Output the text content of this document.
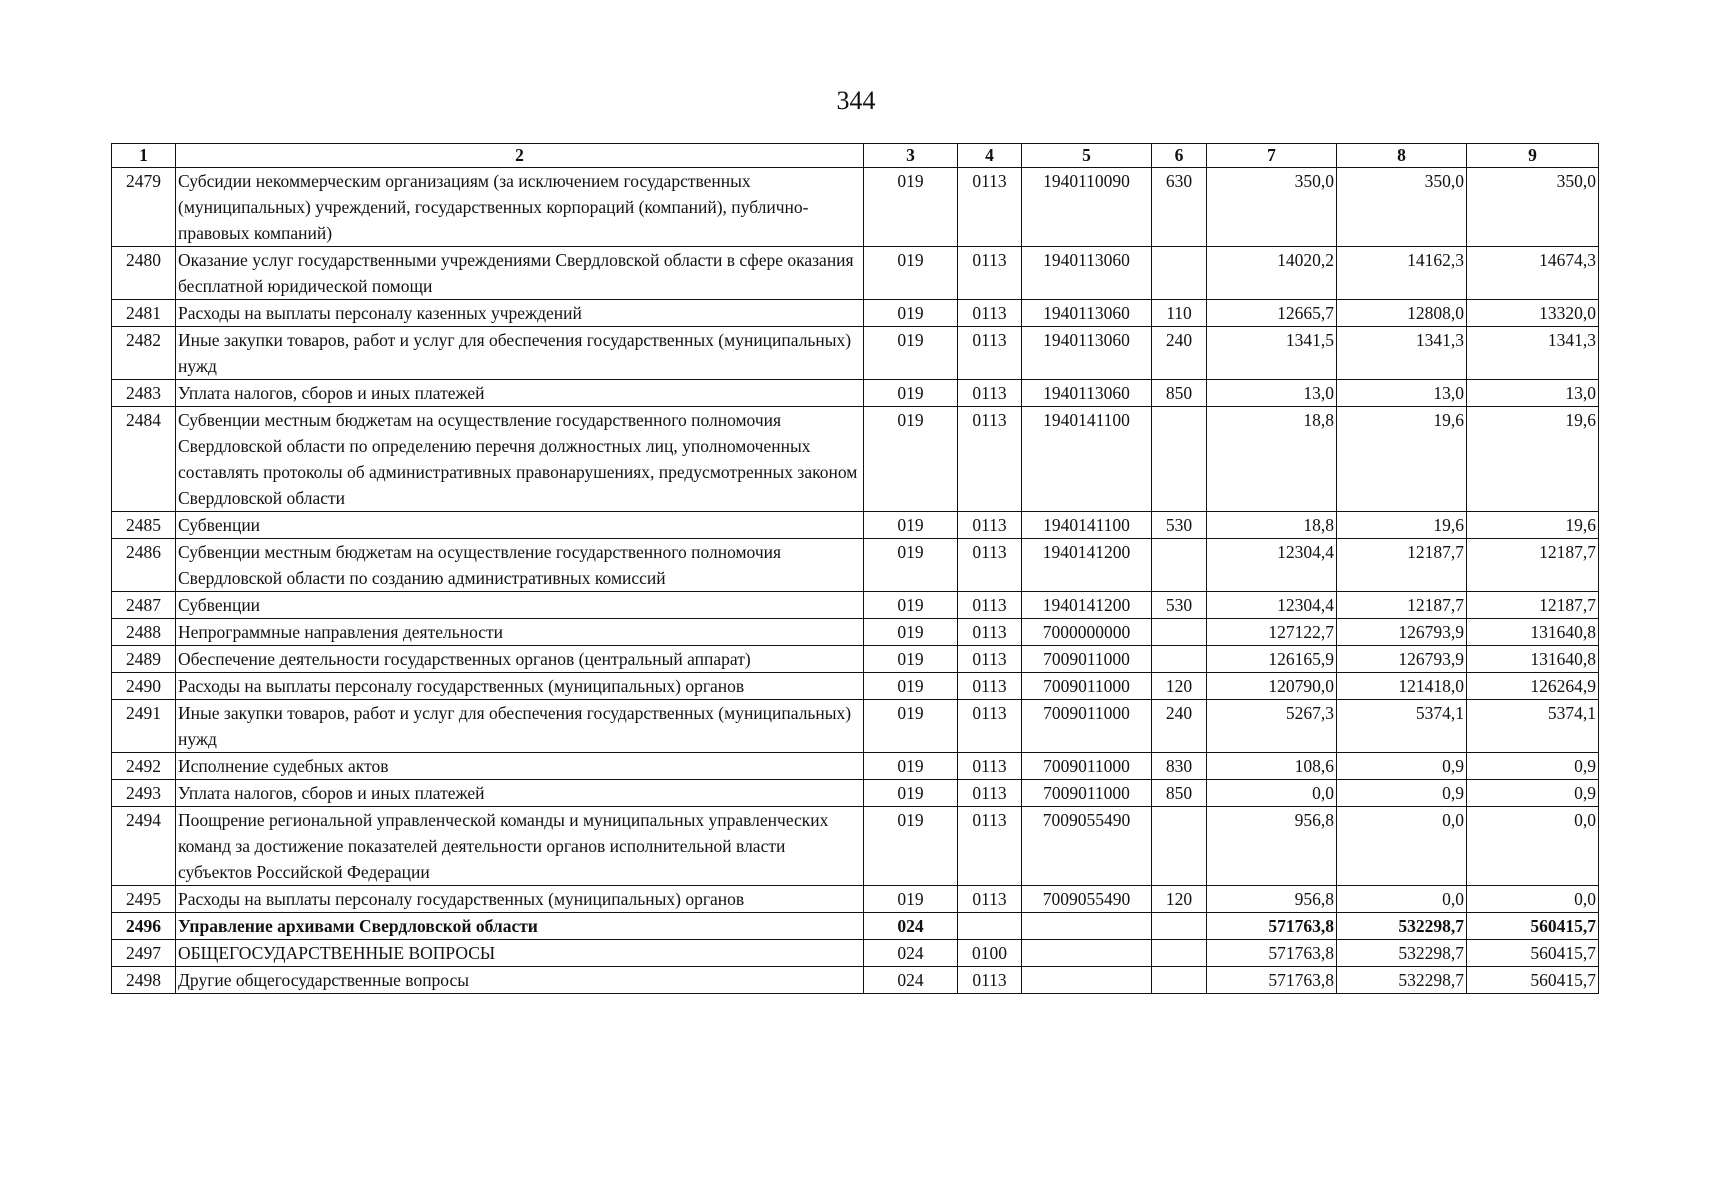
344
1	2	3	4	5	6	7	8	9
2479	Субсидии некоммерческим организациям (за исключением государственных (муниципальных) учреждений, государственных корпораций (компаний), публично-правовых компаний)	019	0113	1940110090	630	350,0	350,0	350,0
2480	Оказание услуг государственными учреждениями Свердловской области в сфере оказания бесплатной юридической помощи	019	0113	1940113060		14020,2	14162,3	14674,3
2481	Расходы на выплаты персоналу казенных учреждений	019	0113	1940113060	110	12665,7	12808,0	13320,0
2482	Иные закупки товаров, работ и услуг для обеспечения государственных (муниципальных) нужд	019	0113	1940113060	240	1341,5	1341,3	1341,3
2483	Уплата налогов, сборов и иных платежей	019	0113	1940113060	850	13,0	13,0	13,0
2484	Субвенции местным бюджетам на осуществление государственного полномочия Свердловской области по определению перечня должностных лиц, уполномоченных составлять протоколы об административных правонарушениях, предусмотренных законом Свердловской области	019	0113	1940141100		18,8	19,6	19,6
2485	Субвенции	019	0113	1940141100	530	18,8	19,6	19,6
2486	Субвенции местным бюджетам на осуществление государственного полномочия Свердловской области по созданию административных комиссий	019	0113	1940141200		12304,4	12187,7	12187,7
2487	Субвенции	019	0113	1940141200	530	12304,4	12187,7	12187,7
2488	Непрограммные направления деятельности	019	0113	7000000000		127122,7	126793,9	131640,8
2489	Обеспечение деятельности государственных органов (центральный аппарат)	019	0113	7009011000		126165,9	126793,9	131640,8
2490	Расходы на выплаты персоналу государственных (муниципальных) органов	019	0113	7009011000	120	120790,0	121418,0	126264,9
2491	Иные закупки товаров, работ и услуг для обеспечения государственных (муниципальных) нужд	019	0113	7009011000	240	5267,3	5374,1	5374,1
2492	Исполнение судебных актов	019	0113	7009011000	830	108,6	0,9	0,9
2493	Уплата налогов, сборов и иных платежей	019	0113	7009011000	850	0,0	0,9	0,9
2494	Поощрение региональной управленческой команды и муниципальных управленческих команд за достижение показателей деятельности органов исполнительной власти субъектов Российской Федерации	019	0113	7009055490		956,8	0,0	0,0
2495	Расходы на выплаты персоналу государственных (муниципальных) органов	019	0113	7009055490	120	956,8	0,0	0,0
2496	Управление архивами Свердловской области	024				571763,8	532298,7	560415,7
2497	ОБЩЕГОСУДАРСТВЕННЫЕ ВОПРОСЫ	024	0100			571763,8	532298,7	560415,7
2498	Другие общегосударственные вопросы	024	0113			571763,8	532298,7	560415,7
